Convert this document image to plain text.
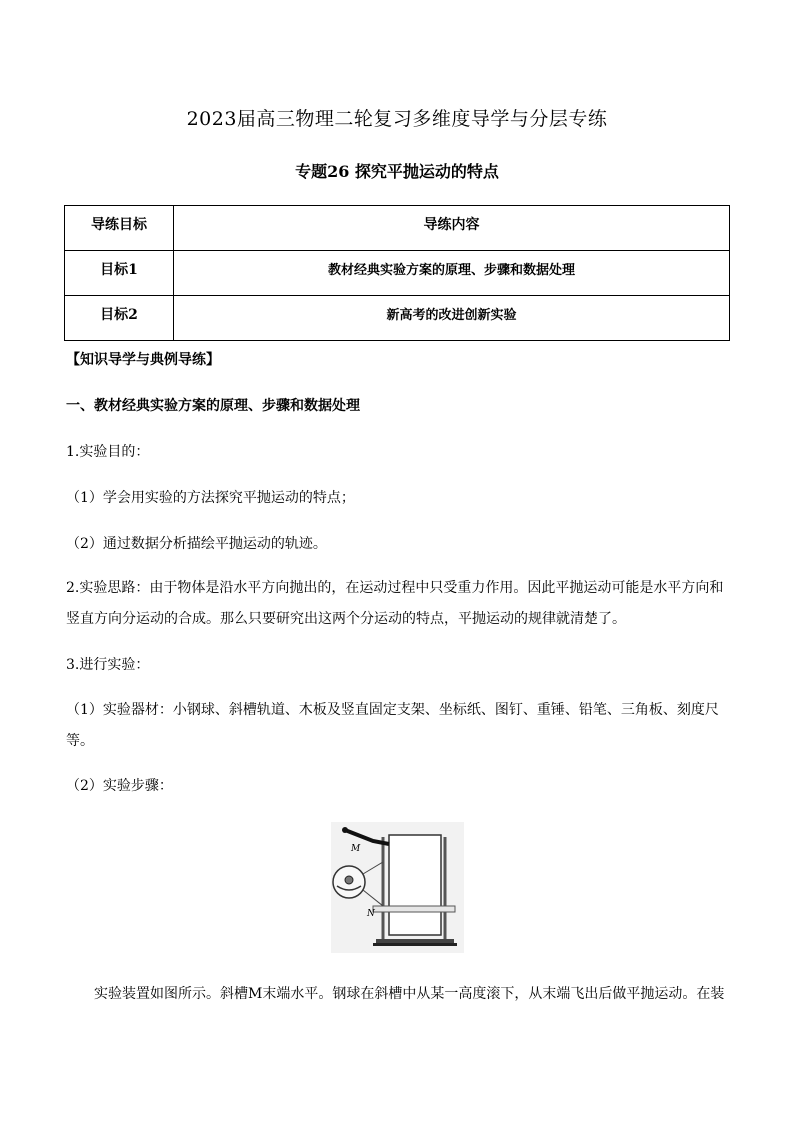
2023届高三物理二轮复习多维度导学与分层专练
专题26 探究平抛运动的特点
导练目标	导练内容
目标1	教材经典实验方案的原理、步骤和数据处理
目标2	新高考的改进创新实验
【知识导学与典例导练】
一、教材经典实验方案的原理、步骤和数据处理
1.实验目的：
（1）学会用实验的方法探究平抛运动的特点；
（2）通过数据分析描绘平抛运动的轨迹。
2.实验思路：由于物体是沿水平方向抛出的，在运动过程中只受重力作用。因此平抛运动可能是水平方向和
竖直方向分运动的合成。那么只要研究出这两个分运动的特点，平抛运动的规律就清楚了。
3.进行实验：
（1）实验器材：小钢球、斜槽轨道、木板及竖直固定支架、坐标纸、图钉、重锤、铅笔、三角板、刻度尺
等。
（2）实验步骤：
M
N
实验装置如图所示。斜槽M末端水平。钢球在斜槽中从某一高度滚下，从末端飞出后做平抛运动。在装
